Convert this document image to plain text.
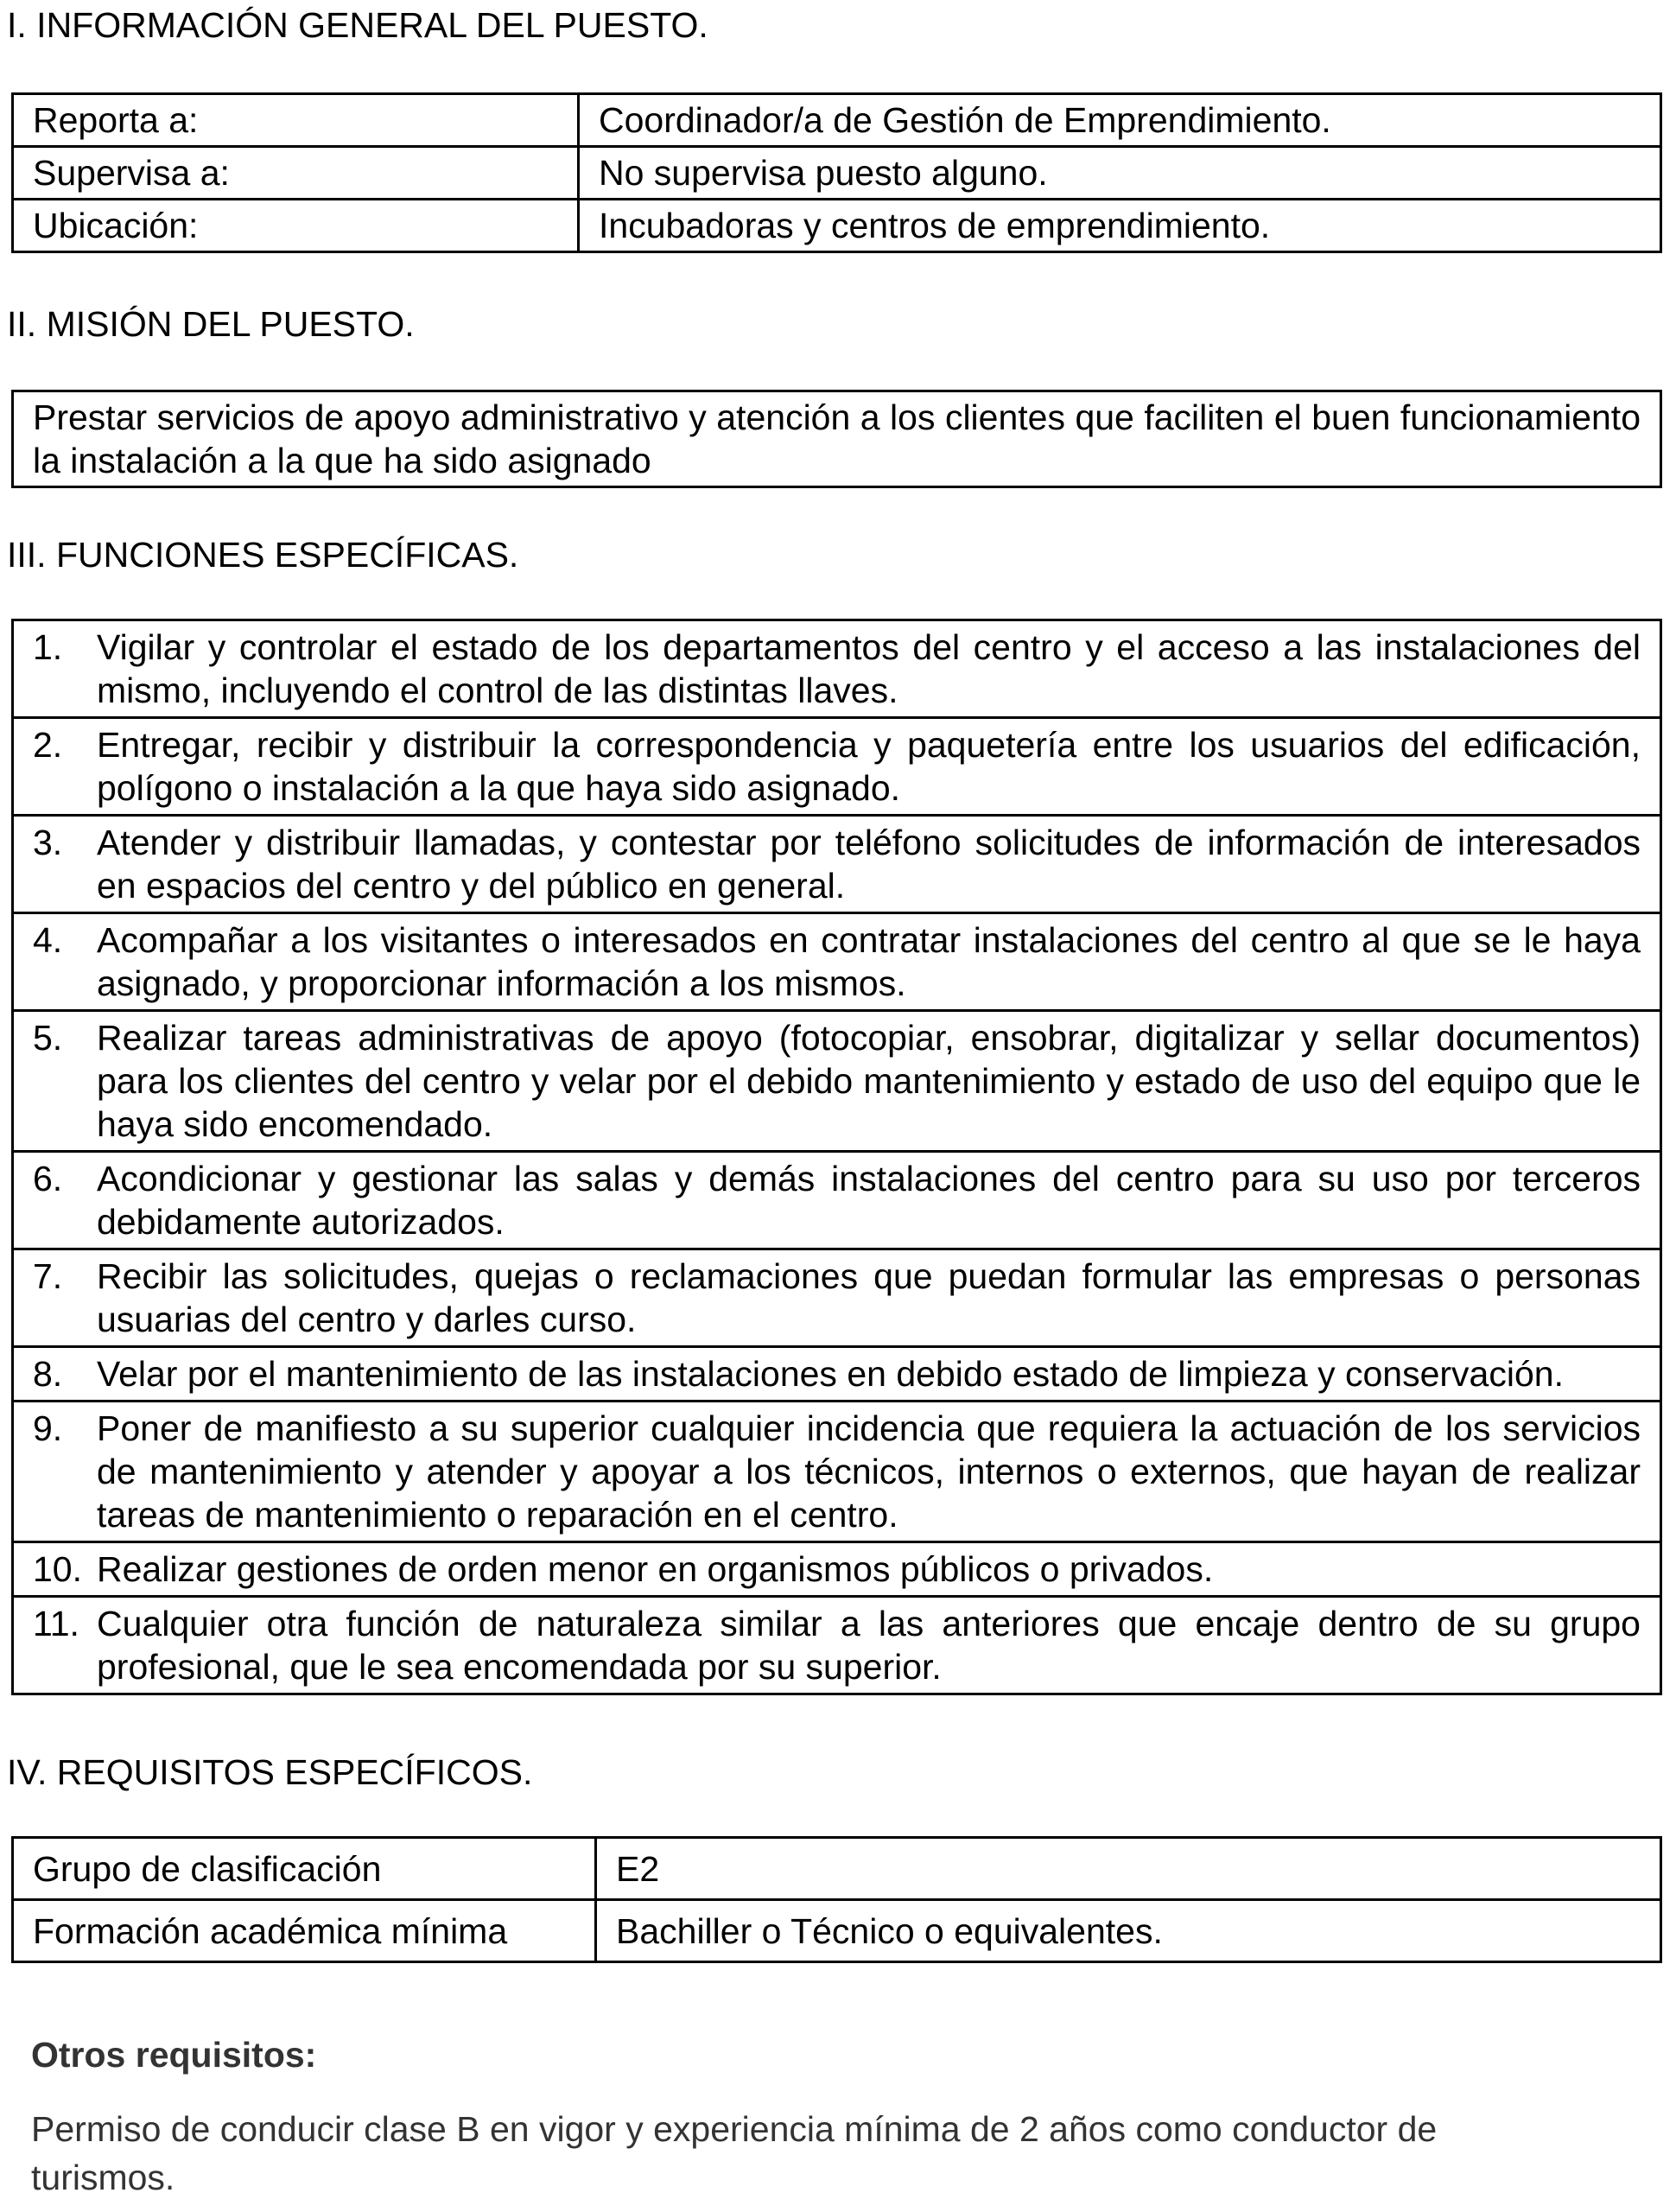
I. INFORMACIÓN GENERAL DEL PUESTO.
Reporta a:	Coordinador/a de Gestión de Emprendimiento.
Supervisa a:	No supervisa puesto alguno.
Ubicación:	Incubadoras y centros de emprendimiento.
II. MISIÓN DEL PUESTO.
Prestar servicios de apoyo administrativo y atención a los clientes que faciliten el buen funcionamiento la instalación a la que ha sido asignado
III. FUNCIONES ESPECÍFICAS.
1. Vigilar y controlar el estado de los departamentos del centro y el acceso a las instalaciones del mismo, incluyendo el control de las distintas llaves.

2. Entregar, recibir y distribuir la correspondencia y paquetería entre los usuarios del edificación, polígono o instalación a la que haya sido asignado.

3. Atender y distribuir llamadas, y contestar por teléfono solicitudes de información de interesados en espacios del centro y del público en general.

4. Acompañar a los visitantes o interesados en contratar instalaciones del centro al que se le haya asignado, y proporcionar información a los mismos.

5. Realizar tareas administrativas de apoyo (fotocopiar, ensobrar, digitalizar y sellar documentos) para los clientes del centro y velar por el debido mantenimiento y estado de uso del equipo que le haya sido encomendado.

6. Acondicionar y gestionar las salas y demás instalaciones del centro para su uso por terceros debidamente autorizados.

7. Recibir las solicitudes, quejas o reclamaciones que puedan formular las empresas o personas usuarias del centro y darles curso.

8. Velar por el mantenimiento de las instalaciones en debido estado de limpieza y conservación.

9. Poner de manifiesto a su superior cualquier incidencia que requiera la actuación de los servicios de mantenimiento y atender y apoyar a los técnicos, internos o externos, que hayan de realizar tareas de mantenimiento o reparación en el centro.

10. Realizar gestiones de orden menor en organismos públicos o privados.

11. Cualquier otra función de naturaleza similar a las anteriores que encaje dentro de su grupo profesional, que le sea encomendada por su superior.
IV. REQUISITOS ESPECÍFICOS.
Grupo de clasificación	E2
Formación académica mínima	Bachiller o Técnico o equivalentes.
Otros requisitos:
Permiso de conducir clase B en vigor y experiencia mínima de 2 años como conductor de turismos.
